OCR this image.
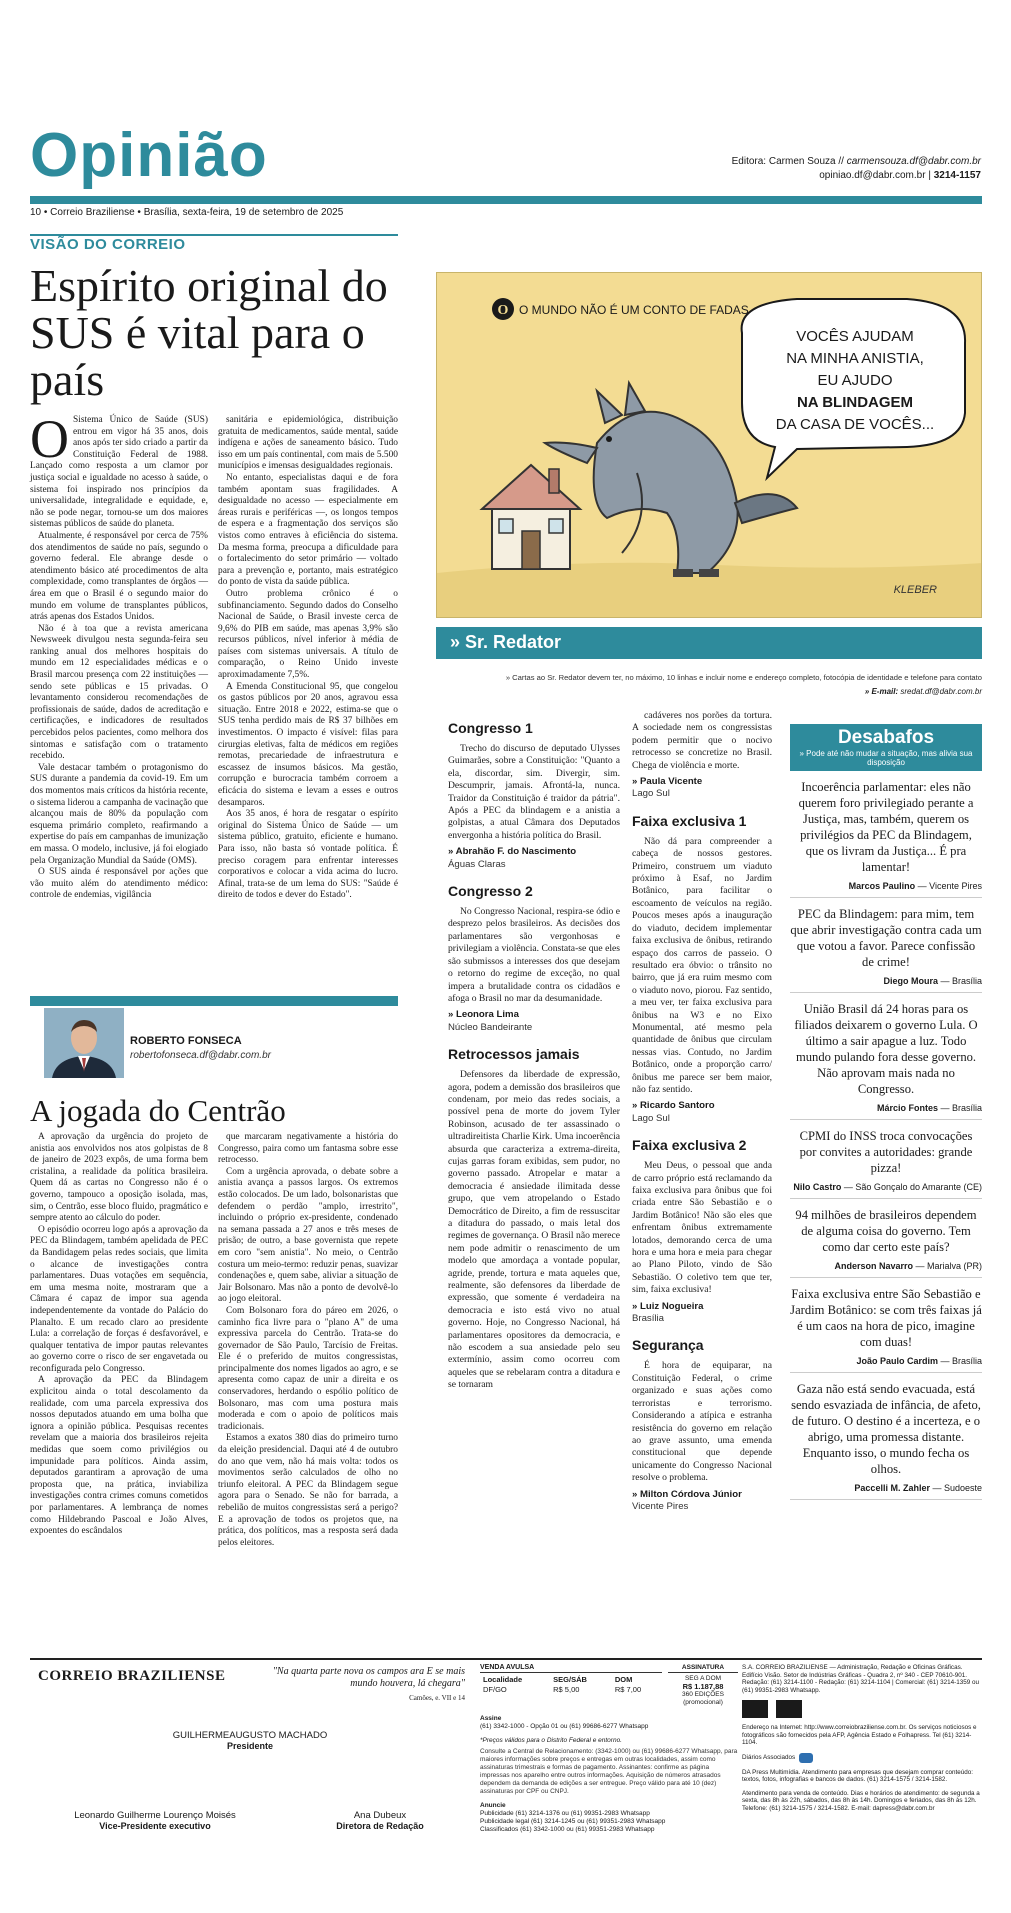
Opinião
10 • Correio Braziliense • Brasília, sexta-feira, 19 de setembro de 2025
Editora: Carmen Souza // carmensouza.df@dabr.com.br
opiniao.df@dabr.com.br | 3214-1157
VISÃO DO CORREIO
Espírito original do SUS é vital para o país
O Sistema Único de Saúde (SUS) entrou em vigor há 35 anos, dois anos após ter sido criado a partir da Constituição Federal de 1988. Lançado como resposta a um clamor por justiça social e igualdade no acesso à saúde, o sistema foi inspirado nos princípios da universalidade, integralidade e equidade, e, não se pode negar, tornou-se um dos maiores sistemas públicos de saúde do planeta.

Atualmente, é responsável por cerca de 75% dos atendimentos de saúde no país, segundo o governo federal. Ele abrange desde o atendimento básico até procedimentos de alta complexidade, como transplantes de órgãos — área em que o Brasil é o segundo maior do mundo em volume de transplantes públicos, atrás apenas dos Estados Unidos.

Não é à toa que a revista americana Newsweek divulgou nesta segunda-feira seu ranking anual dos melhores hospitais do mundo em 12 especialidades médicas e o Brasil marcou presença com 22 instituições — sendo sete públicas e 15 privadas. O levantamento considerou recomendações de profissionais de saúde, dados de acreditação e certificações, e indicadores de resultados percebidos pelos pacientes, como melhora dos sintomas e satisfação com o tratamento recebido.

Vale destacar também o protagonismo do SUS durante a pandemia da covid-19. Em um dos momentos mais críticos da história recente, o sistema liderou a campanha de vacinação que alcançou mais de 80% da população com esquema primário completo, reafirmando a expertise do país em campanhas de imunização em massa. O modelo, inclusive, já foi elogiado pela Organização Mundial da Saúde (OMS).

O SUS ainda é responsável por ações que vão muito além do atendimento médico: controle de endemias, vigilância

sanitária e epidemiológica, distribuição gratuita de medicamentos, saúde mental, saúde indígena e ações de saneamento básico. Tudo isso em um país continental, com mais de 5.500 municípios e imensas desigualdades regionais.

No entanto, especialistas daqui e de fora também apontam suas fragilidades. A desigualdade no acesso — especialmente em áreas rurais e periféricas —, os longos tempos de espera e a fragmentação dos serviços são vistos como entraves à eficiência do sistema. Da mesma forma, preocupa a dificuldade para o fortalecimento do setor primário — voltado para a prevenção e, portanto, mais estratégico do ponto de vista da saúde pública.

Outro problema crônico é o subfinanciamento. Segundo dados do Conselho Nacional de Saúde, o Brasil investe cerca de 9,6% do PIB em saúde, mas apenas 3,9% são recursos públicos, nível inferior à média de países com sistemas universais. A título de comparação, o Reino Unido investe aproximadamente 7,5%.

A Emenda Constitucional 95, que congelou os gastos públicos por 20 anos, agravou essa situação. Entre 2018 e 2022, estima-se que o SUS tenha perdido mais de R$ 37 bilhões em investimentos. O impacto é visível: filas para cirurgias eletivas, falta de médicos em regiões remotas, precariedade de infraestrutura e escassez de insumos básicos. Ma gestão, corrupção e burocracia também corroem a eficácia do sistema e levam a esses e outros desamparos.

Aos 35 anos, é hora de resgatar o espírito original do Sistema Único de Saúde — um sistema público, gratuito, eficiente e humano. Para isso, não basta só vontade política. É preciso coragem para enfrentar interesses corporativos e colocar a vida acima do lucro. Afinal, trata-se de um lema do SUS: "Saúde é direito de todos e dever do Estado".

ROBERTO FONSECA
robertofonseca.df@dabr.com.br
A jogada do Centrão

A aprovação da urgência do projeto de anistia aos envolvidos nos atos golpistas de 8 de janeiro de 2023 expôs, de uma forma bem cristalina, a realidade da política brasileira. Quem dá as cartas no Congresso não é o governo, tampouco a oposição isolada, mas, sim, o Centrão, esse bloco fluido, pragmático e sempre atento ao cálculo do poder.

O episódio ocorreu logo após a aprovação da PEC da Blindagem, também apelidada de PEC da Bandidagem pelas redes sociais, que limita o alcance de investigações contra parlamentares. Duas votações em sequência, em uma mesma noite, mostraram que a Câmara é capaz de impor sua agenda independentemente da vontade do Palácio do Planalto. E um recado claro ao presidente Lula: a correlação de forças é desfavorável, e qualquer tentativa de impor pautas relevantes ao governo corre o risco de ser engavetada ou reconfigurada pelo Congresso.

A aprovação da PEC da Blindagem explicitou ainda o total descolamento da realidade, com uma parcela expressiva dos nossos deputados atuando em uma bolha que ignora a opinião pública. Pesquisas recentes revelam que a maioria dos brasileiros rejeita medidas que soem como privilégios ou impunidade para políticos. Ainda assim, deputados garantiram a aprovação de uma proposta que, na prática, inviabiliza investigações contra crimes comuns cometidos por parlamentares. A lembrança de nomes como Hildebrando Pascoal e João Alves, expoentes do escândalos

que marcaram negativamente a história do Congresso, paira como um fantasma sobre esse retrocesso.

Com a urgência aprovada, o debate sobre a anistia avança a passos largos. Os extremos estão colocados. De um lado, bolsonaristas que defendem o perdão "amplo, irrestrito", incluindo o próprio ex-presidente, condenado na semana passada a 27 anos e três meses de prisão; de outro, a base governista que repete em coro "sem anistia". No meio, o Centrão costura um meio-termo: reduzir penas, suavizar condenações e, quem sabe, aliviar a situação de Jair Bolsonaro. Mas não a ponto de devolvê-lo ao jogo eleitoral.

Com Bolsonaro fora do páreo em 2026, o caminho fica livre para o "plano A" de uma expressiva parcela do Centrão. Trata-se do governador de São Paulo, Tarcísio de Freitas. Ele é o preferido de muitos congressistas, principalmente dos nomes ligados ao agro, e se apresenta como capaz de unir a direita e os conservadores, herdando o espólio político de Bolsonaro, mas com uma postura mais moderada e com o apoio de políticos mais tradicionais.

Estamos a exatos 380 dias do primeiro turno da eleição presidencial. Daqui até 4 de outubro do ano que vem, não há mais volta: todos os movimentos serão calculados de olho no triunfo eleitoral. A PEC da Blindagem segue agora para o Senado. Se não for barrada, a rebelião de muitos congressistas será a perigo? E a aprovação de todos os projetos que, na prática, dos políticos, mas a resposta será dada pelos eleitores.

O O MUNDO NÃO É UM CONTO DE FADAS
VOCÊS AJUDAM
NA MINHA ANISTIA,
EU AJUDO
NA BLINDAGEM
DA CASA DE VOCÊS...
KLEBER
» Sr. Redator
» Cartas ao Sr. Redator devem ter, no máximo, 10 linhas e incluir nome e endereço completo, fotocópia de identidade e telefone para contato
» E-mail: sredat.df@dabr.com.br
Congresso 1

Trecho do discurso de deputado Ulysses Guimarães, sobre a Constituição: "Quanto a ela, discordar, sim. Divergir, sim. Descumprir, jamais. Afrontá-la, nunca. Traidor da Constituição é traidor da pátria". Após a PEC da blindagem e a anistia a golpistas, a atual Câmara dos Deputados envergonha a história política do Brasil.

» Abrahão F. do Nascimento
Águas Claras
Congresso 2

No Congresso Nacional, respira-se ódio e desprezo pelos brasileiros. As decisões dos parlamentares são vergonhosas e privilegiam a violência. Constata-se que eles são submissos a interesses dos que desejam o retorno do regime de exceção, no qual impera a brutalidade contra os cidadãos e afoga o Brasil no mar da desumanidade.

» Leonora Lima
Núcleo Bandeirante
Retrocessos jamais

Defensores da liberdade de expressão, agora, podem a demissão dos brasileiros que condenam, por meio das redes sociais, a possível pena de morte do jovem Tyler Robinson, acusado de ter assassinado o ultradireitista Charlie Kirk. Uma incoerência absurda que caracteriza a extrema-direita, cujas garras foram exibidas, sem pudor, no governo passado. Atropelar e matar a democracia é ansiedade ilimitada desse grupo, que vem atropelando o Estado Democrático de Direito, a fim de ressuscitar a ditadura do passado, o mais letal dos regimes de governança. O Brasil não merece nem pode admitir o renascimento de um modelo que amordaça a vontade popular, agride, prende, tortura e mata aqueles que, realmente, são defensores da liberdade de expressão, que somente é verdadeira na democracia e isto está vivo no atual governo. Hoje, no Congresso Nacional, há parlamentares opositores da democracia, e não escodem a sua ansiedade pelo seu extermínio, assim como ocorreu com aqueles que se rebelaram contra a ditadura e se tornaram

cadáveres nos porões da tortura. A sociedade nem os congressistas podem permitir que o nocivo retrocesso se concretize no Brasil. Chega de violência e morte.

» Paula Vicente
Lago Sul
Faixa exclusiva 1

Não dá para compreender a cabeça de nossos gestores. Primeiro, construem um viaduto próximo à Esaf, no Jardim Botânico, para facilitar o escoamento de veículos na região. Poucos meses após a inauguração do viaduto, decidem implementar faixa exclusiva de ônibus, retirando espaço dos carros de passeio. O resultado era óbvio: o trânsito no bairro, que já era ruim mesmo com o viaduto novo, piorou. Faz sentido, a meu ver, ter faixa exclusiva para ônibus na W3 e no Eixo Monumental, até mesmo pela quantidade de ônibus que circulam nessas vias. Contudo, no Jardim Botânico, onde a proporção carro/ônibus me parece ser bem maior, não faz sentido.

» Ricardo Santoro
Lago Sul
Faixa exclusiva 2

Meu Deus, o pessoal que anda de carro próprio está reclamando da faixa exclusiva para ônibus que foi criada entre São Sebastião e o Jardim Botânico! Não são eles que enfrentam ônibus extremamente lotados, demorando cerca de uma hora e uma hora e meia para chegar ao Plano Piloto, vindo de São Sebastião. O coletivo tem que ter, sim, faixa exclusiva!

» Luiz Nogueira
Brasília
Segurança

É hora de equiparar, na Constituição Federal, o crime organizado e suas ações como terroristas e terrorismo. Considerando a atípica e estranha resistência do governo em relação ao grave assunto, uma emenda constitucional que depende unicamente do Congresso Nacional resolve o problema.

» Milton Córdova Júnior
Vicente Pires
Desabafos
» Pode até não mudar a situação, mas alivia sua disposição
Incoerência parlamentar: eles não querem foro privilegiado perante a Justiça, mas, também, querem os privilégios da PEC da Blindagem, que os livram da Justiça... É pra lamentar!
Marcos Paulino — Vicente Pires
PEC da Blindagem: para mim, tem que abrir investigação contra cada um que votou a favor. Parece confissão de crime!
Diego Moura — Brasília
União Brasil dá 24 horas para os filiados deixarem o governo Lula. O último a sair apague a luz. Todo mundo pulando fora desse governo. Não aprovam mais nada no Congresso.
Márcio Fontes — Brasília
CPMI do INSS troca convocações por convites a autoridades: grande pizza!
Nilo Castro — São Gonçalo do Amarante (CE)
94 milhões de brasileiros dependem de alguma coisa do governo. Tem como dar certo este país?
Anderson Navarro — Marialva (PR)
Faixa exclusiva entre São Sebastião e Jardim Botânico: se com três faixas já é um caos na hora de pico, imagine com duas!
João Paulo Cardim — Brasília
Gaza não está sendo evacuada, está sendo esvaziada de infância, de afeto, de futuro. O destino é a incerteza, e o abrigo, uma promessa distante. Enquanto isso, o mundo fecha os olhos.
Paccelli M. Zahler — Sudoeste
CORREIO BRAZILIENSE	"Na quarta parte nova os campos ara E se mais mundo houvera, lá chegara"
Camões, e. VII e 14
GUILHERMEAUGUSTO MACHADO
Presidente
Leonardo Guilherme Lourenço Moisés
Vice-Presidente executivo
Ana Dubeux
Diretora de Redação
VENDA AVULSA
Localidade	SEG/SÁB	DOM
DF/GO	R$ 5,00	R$ 7,00
ASSINATURA
SEG A DOM
R$ 1.187,88
360 EDIÇÕES
(promocional)
Assine
(61) 3342-1000 - Opção 01 ou (61) 99686-6277 Whatsapp
*Preços válidos para o Distrito Federal e entorno.
Consulte a Central de Relacionamento: (3342-1000) ou (61) 99686-6277 Whatsapp, para maiores informações sobre preços e entregas em outras localidades, assim como assinaturas trimestrais e formas de pagamento. Assinantes: confirme as página impressas nos aparelho entre outros informações. Aquisição de números atrasados dependem da demanda de edições a ser entregue. Preço válido para até 10 (dez) assinaturas por CPF ou CNPJ.
Anuncie
Publicidade (61) 3214-1376 ou (61) 99351-2983 Whatsapp
Publicidade legal (61) 3214-1245 ou (61) 99351-2983 Whatsapp
Classificados (61) 3342-1000 ou (61) 99351-2983 Whatsapp
S.A. CORREIO BRAZILIENSE — Administração, Redação e Oficinas Gráficas. Edifício Visão. Setor de Indústrias Gráficas - Quadra 2, nº 340 - CEP 70610-901. Redação: (61) 3214-1100 - Redação: (61) 3214-1104 | Comercial: (61) 3214-1359 ou (61) 99351-2983 Whatsapp.
Endereço na Internet: http://www.correiobraziliense.com.br. Os serviços noticiosos e fotográficos são fornecidos pela AFP, Agência Estado e Folhapress. Tel (61) 3214-1104.
Diários Associados
DA Press Multimídia. Atendimento para empresas que desejam comprar conteúdo: textos, fotos, infografias e bancos de dados. (61) 3214-1575 / 3214-1582.
Atendimento para venda de conteúdo. Dias e horários de atendimento: de segunda a sexta, das 8h às 22h, sábados, das 8h às 14h. Domingos e feriados, das 8h às 12h. Telefone: (61) 3214-1575 / 3214-1582. E-mail: dapress@dabr.com.br
